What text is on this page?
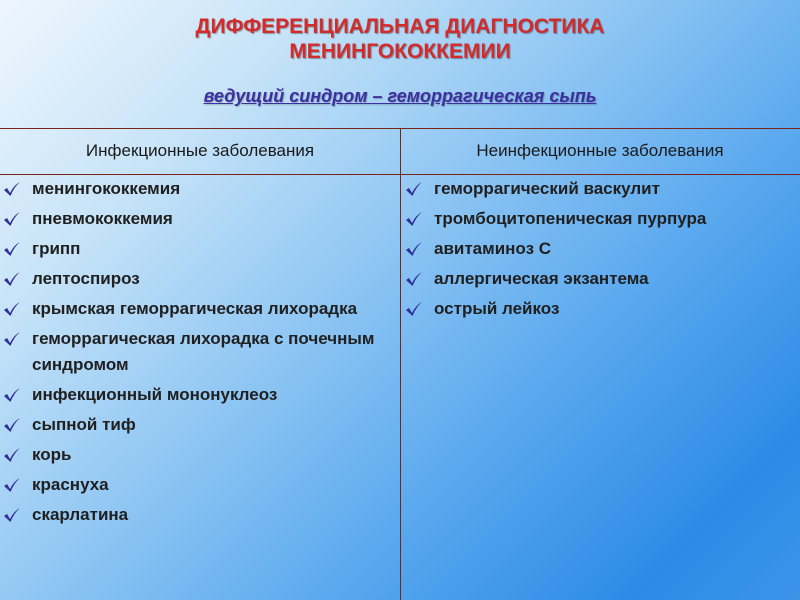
ДИФФЕРЕНЦИАЛЬНАЯ ДИАГНОСТИКА
МЕНИНГОКОККЕМИИ
ведущий синдром – геморрагическая сыпь
Инфекционные заболевания	Неинфекционные заболевания
менингококкемия
пневмококкемия
грипп
лептоспироз
крымская геморрагическая лихорадка
геморрагическая лихорадка с почечным синдромом
инфекционный мононуклеоз
сыпной тиф
корь
краснуха
скарлатина
геморрагический васкулит
тромбоцитопеническая пурпура
авитаминоз С
аллергическая экзантема
острый лейкоз
